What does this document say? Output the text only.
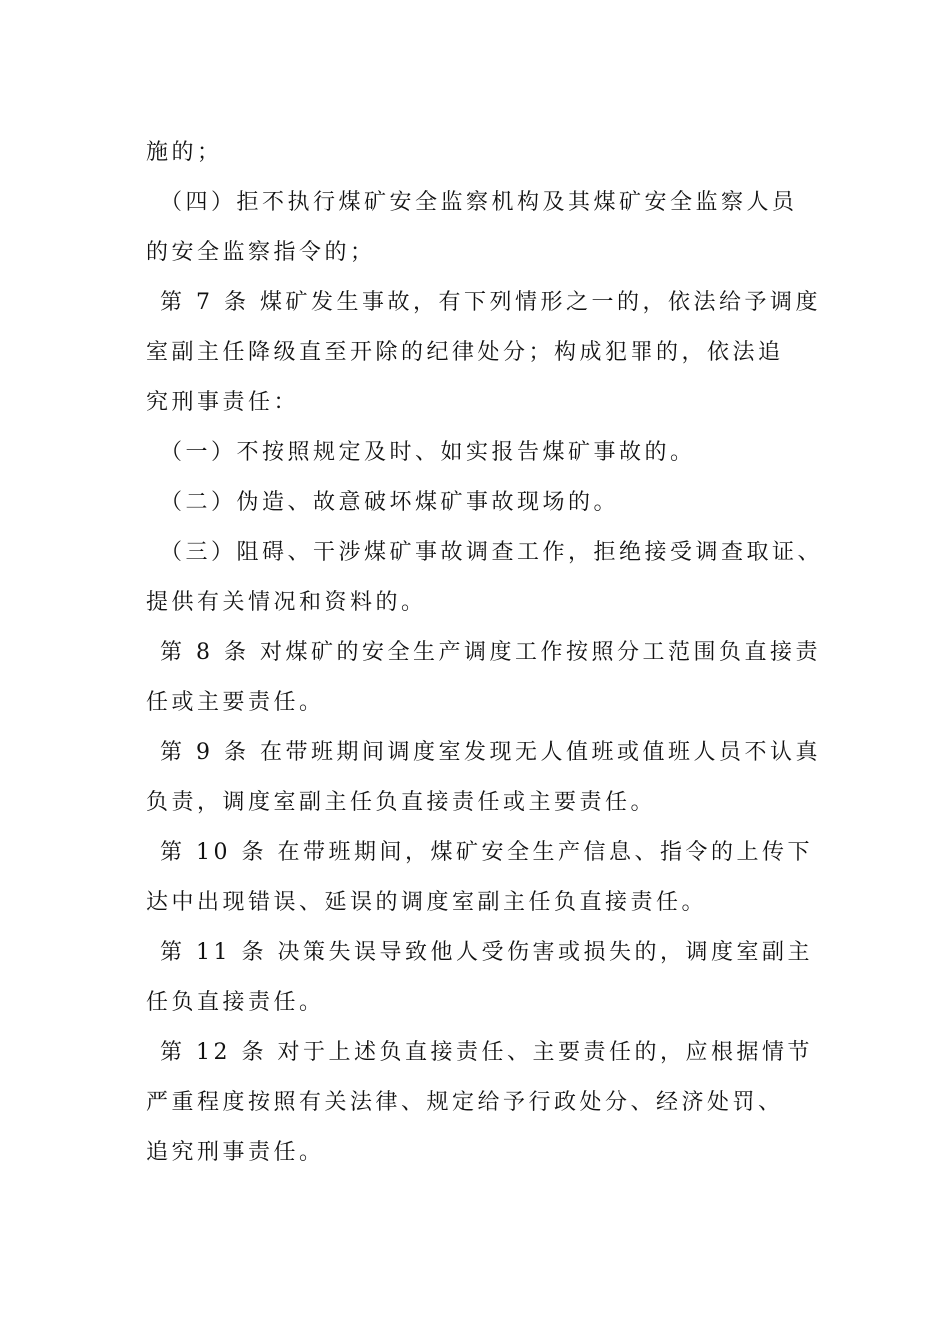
施的；
（四）拒不执行煤矿安全监察机构及其煤矿安全监察人员
的安全监察指令的；
第 7 条 煤矿发生事故，有下列情形之一的，依法给予调度
室副主任降级直至开除的纪律处分；构成犯罪的，依法追
究刑事责任：
（一）不按照规定及时、如实报告煤矿事故的。
（二）伪造、故意破坏煤矿事故现场的。
（三）阻碍、干涉煤矿事故调查工作，拒绝接受调查取证、
提供有关情况和资料的。
第 8 条 对煤矿的安全生产调度工作按照分工范围负直接责
任或主要责任。
第 9 条 在带班期间调度室发现无人值班或值班人员不认真
负责，调度室副主任负直接责任或主要责任。
第 10 条 在带班期间，煤矿安全生产信息、指令的上传下
达中出现错误、延误的调度室副主任负直接责任。
第 11 条 决策失误导致他人受伤害或损失的，调度室副主
任负直接责任。
第 12 条 对于上述负直接责任、主要责任的，应根据情节
严重程度按照有关法律、规定给予行政处分、经济处罚、
追究刑事责任。
